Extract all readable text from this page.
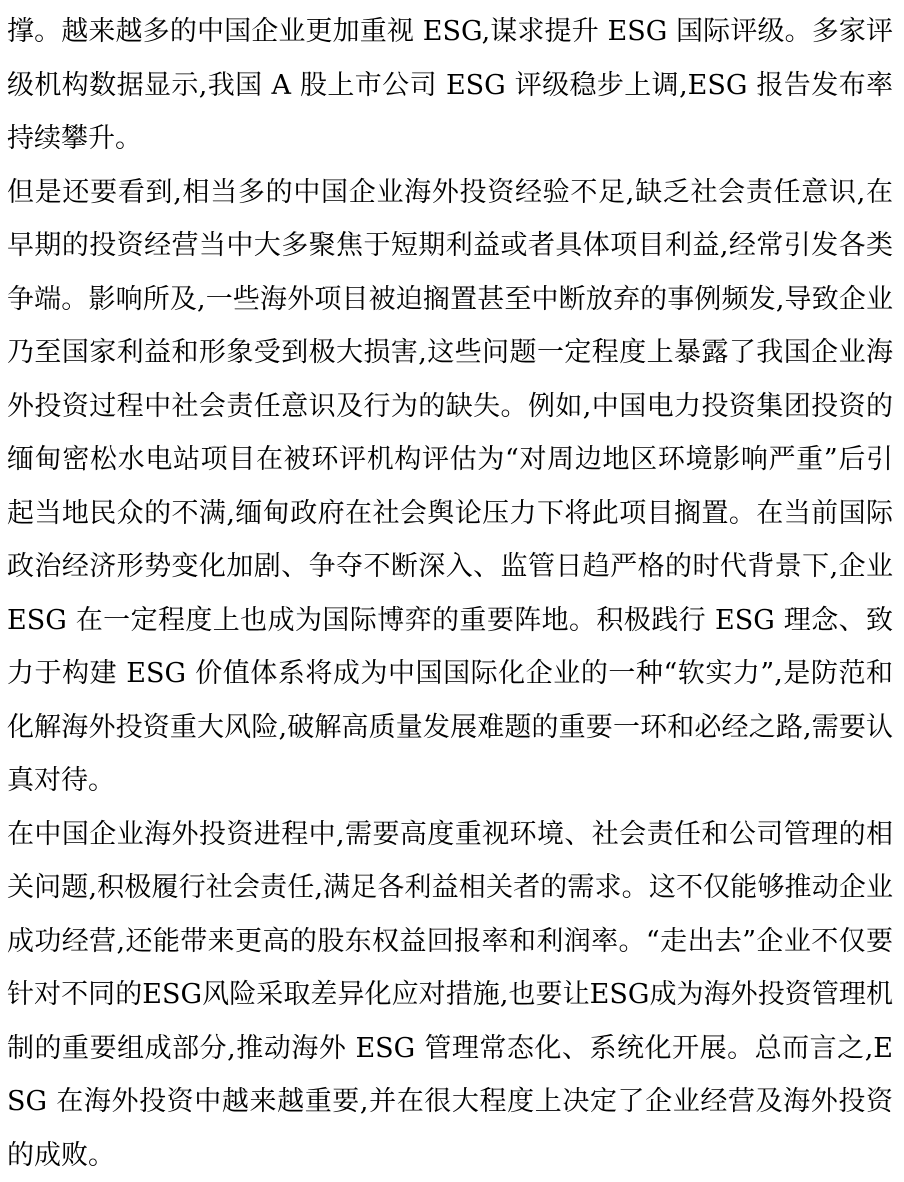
撑。越来越多的中国企业更加重视 ESG,谋求提升 ESG 国际评级。多家评级机构数据显示,我国 A 股上市公司 ESG 评级稳步上调,ESG 报告发布率持续攀升。

但是还要看到,相当多的中国企业海外投资经验不足,缺乏社会责任意识,在早期的投资经营当中大多聚焦于短期利益或者具体项目利益,经常引发各类争端。影响所及,一些海外项目被迫搁置甚至中断放弃的事例频发,导致企业乃至国家利益和形象受到极大损害,这些问题一定程度上暴露了我国企业海外投资过程中社会责任意识及行为的缺失。例如,中国电力投资集团投资的缅甸密松水电站项目在被环评机构评估为“对周边地区环境影响严重”后引起当地民众的不满,缅甸政府在社会舆论压力下将此项目搁置。在当前国际政治经济形势变化加剧、争夺不断深入、监管日趋严格的时代背景下,企业 ESG 在一定程度上也成为国际博弈的重要阵地。积极践行 ESG 理念、致力于构建 ESG 价值体系将成为中国国际化企业的一种“软实力”,是防范和化解海外投资重大风险,破解高质量发展难题的重要一环和必经之路,需要认真对待。

在中国企业海外投资进程中,需要高度重视环境、社会责任和公司管理的相关问题,积极履行社会责任,满足各利益相关者的需求。这不仅能够推动企业成功经营,还能带来更高的股东权益回报率和利润率。“走出去”企业不仅要针对不同的ESG风险采取差异化应对措施,也要让ESG成为海外投资管理机制的重要组成部分,推动海外 ESG 管理常态化、系统化开展。总而言之,ESG 在海外投资中越来越重要,并在很大程度上决定了企业经营及海外投资的成败。
